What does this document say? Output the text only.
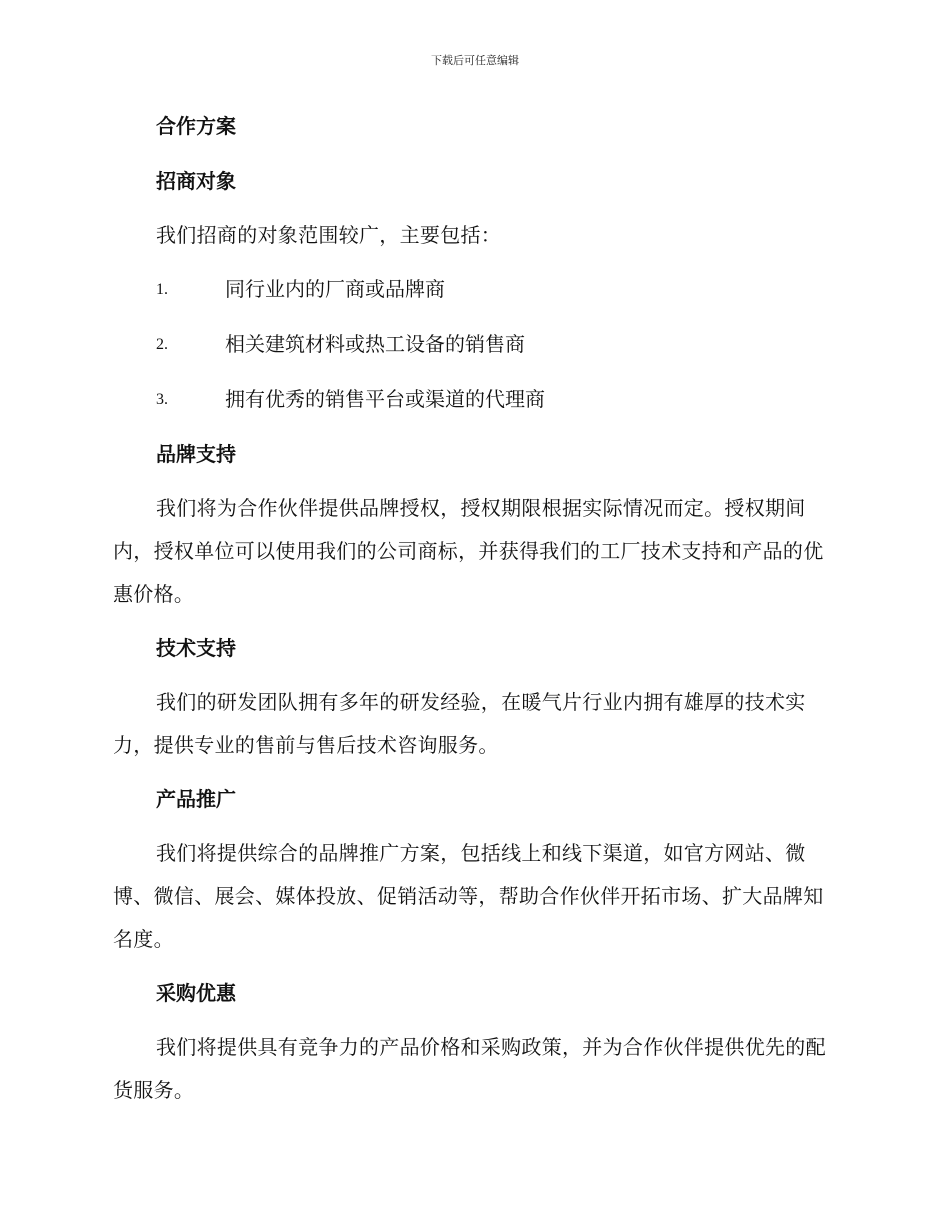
下载后可任意编辑
合作方案
招商对象

我们招商的对象范围较广，主要包括：

1.	同行业内的厂商或品牌商
2.	相关建筑材料或热工设备的销售商
3.	拥有优秀的销售平台或渠道的代理商
品牌支持

我们将为合作伙伴提供品牌授权，授权期限根据实际情况而定。授权期间内，授权单位可以使用我们的公司商标，并获得我们的工厂技术支持和产品的优惠价格。

技术支持

我们的研发团队拥有多年的研发经验，在暖气片行业内拥有雄厚的技术实力，提供专业的售前与售后技术咨询服务。

产品推广

我们将提供综合的品牌推广方案，包括线上和线下渠道，如官方网站、微博、微信、展会、媒体投放、促销活动等，帮助合作伙伴开拓市场、扩大品牌知名度。

采购优惠

我们将提供具有竞争力的产品价格和采购政策，并为合作伙伴提供优先的配货服务。
